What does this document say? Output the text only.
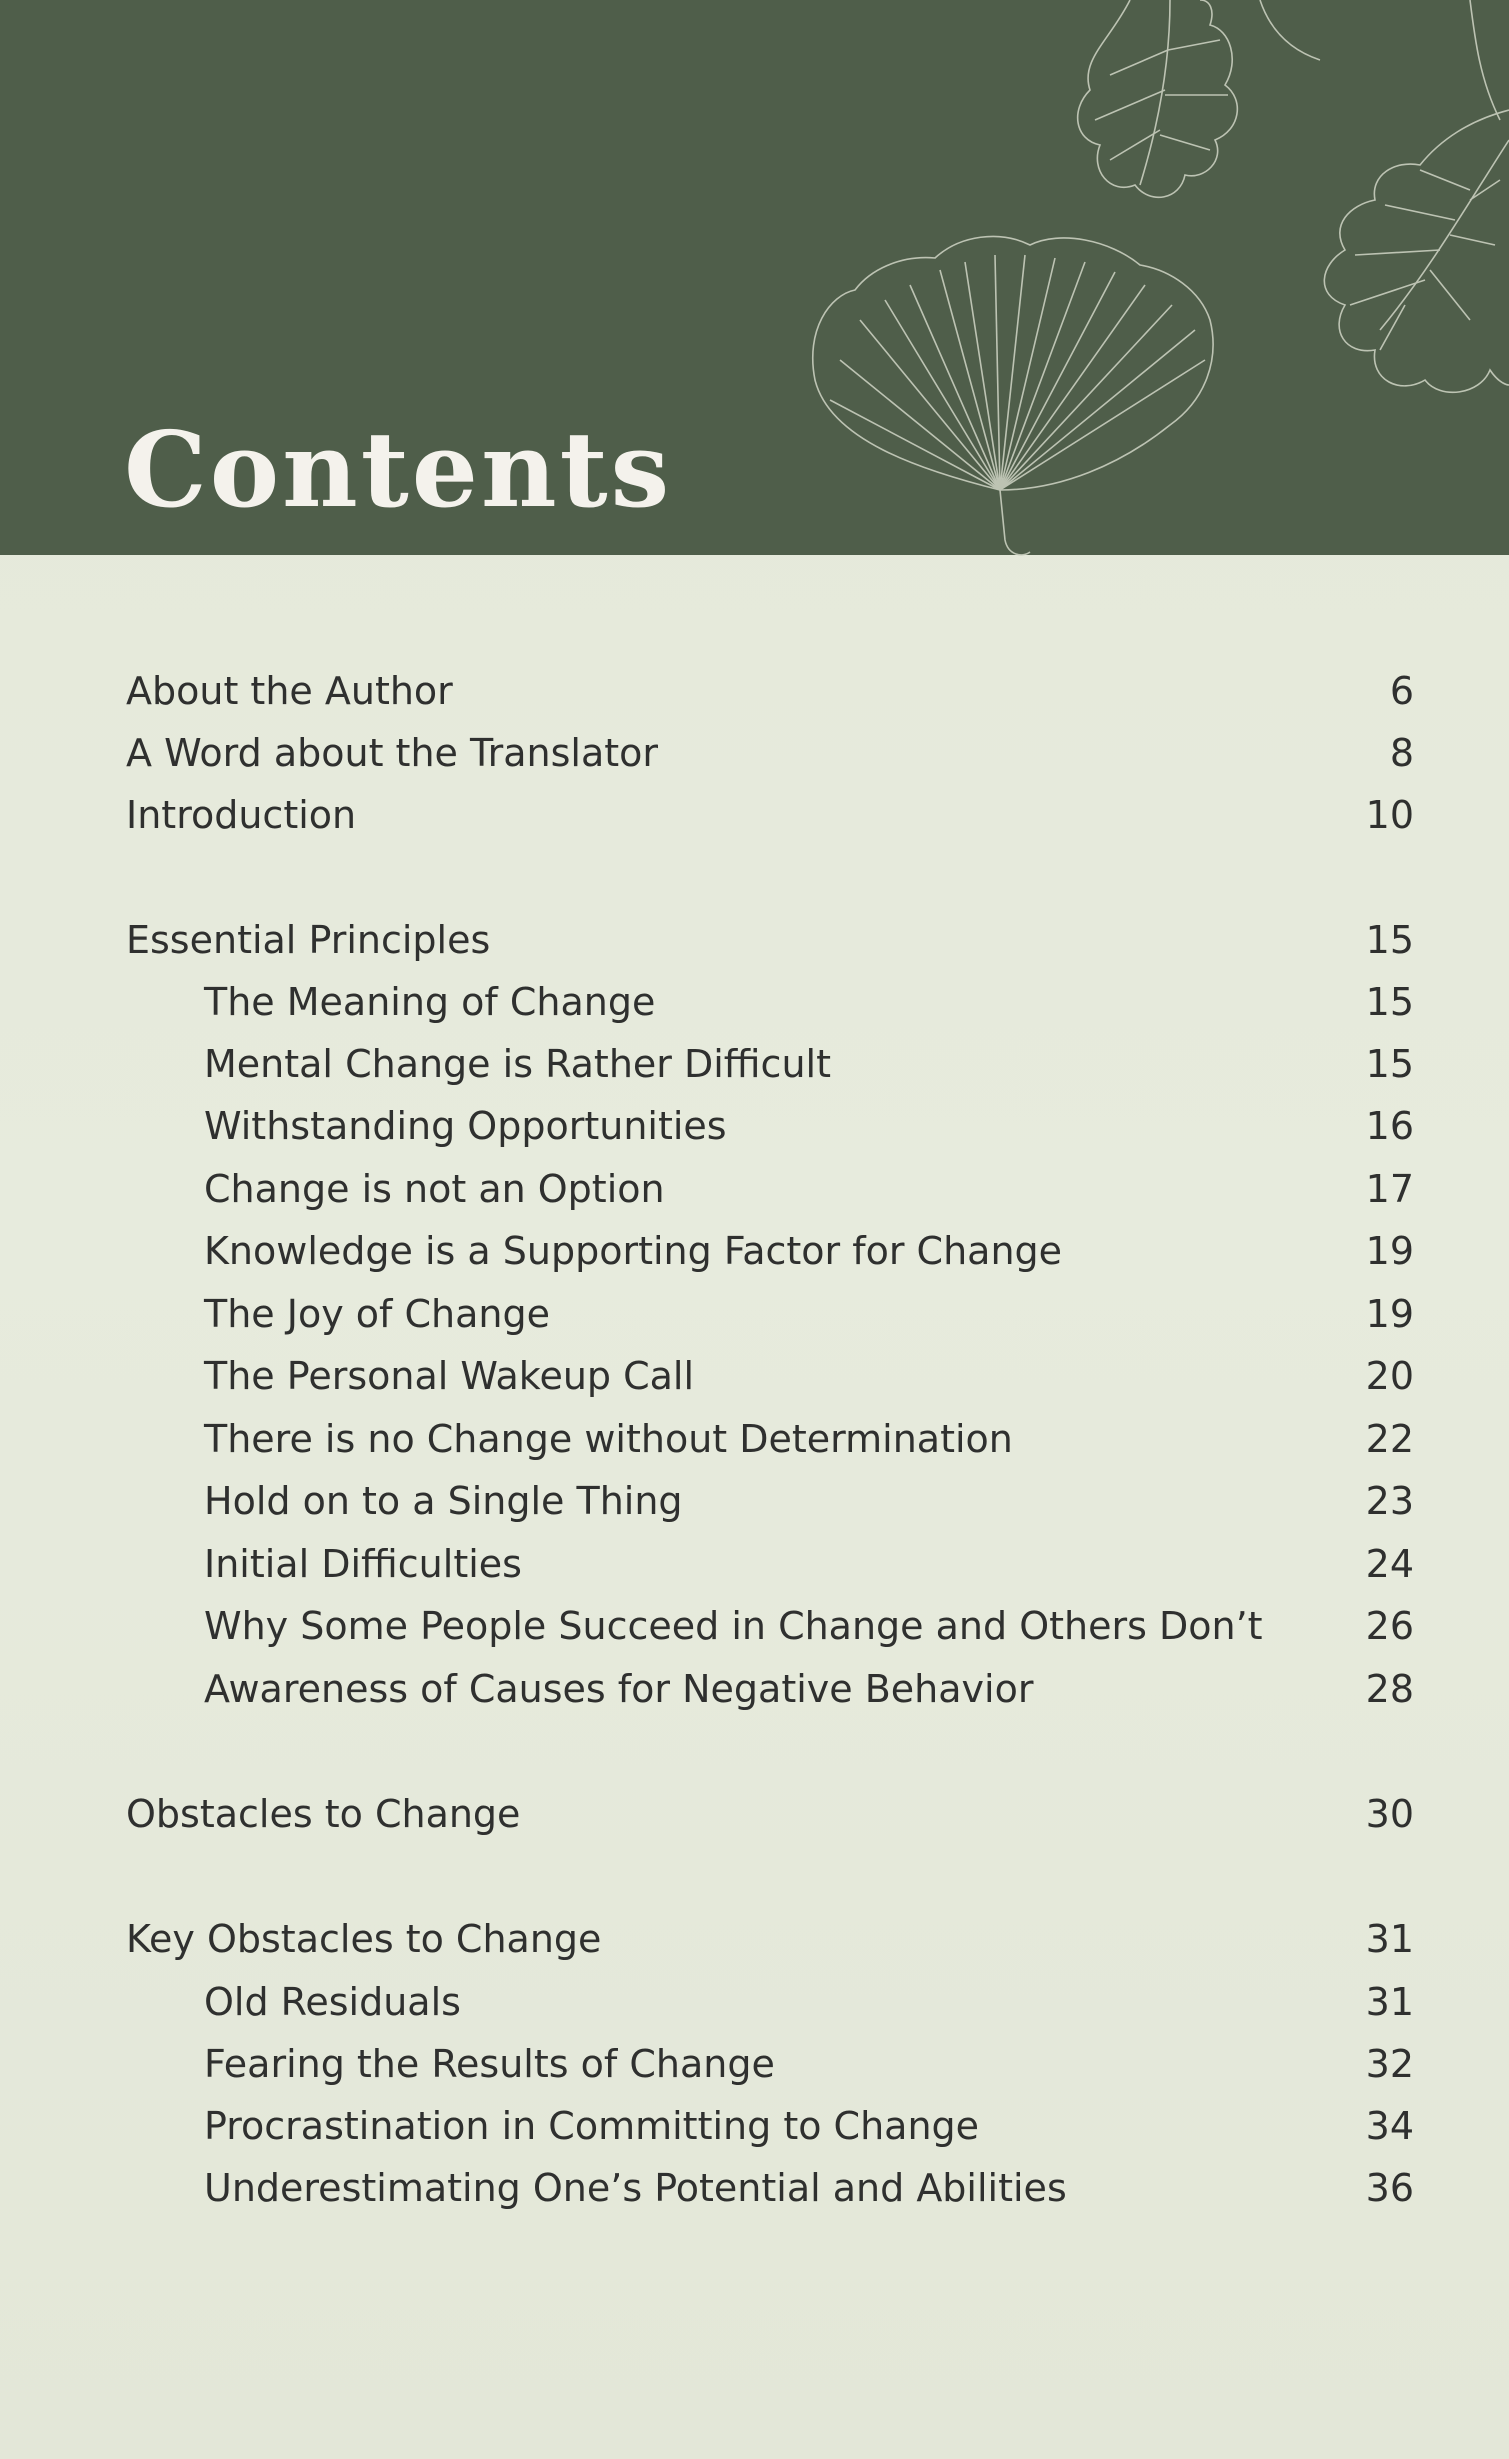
Contents
About the Author	6
A Word about the Translator	8
Introduction	10
Essential Principles	15
The Meaning of Change	15
Mental Change is Rather Difficult	15
Withstanding Opportunities	16
Change is not an Option	17
Knowledge is a Supporting Factor for Change	19
The Joy of Change	19
The Personal Wakeup Call	20
There is no Change without Determination	22
Hold on to a Single Thing	23
Initial Difficulties	24
Why Some People Succeed in Change and Others Don’t	26
Awareness of Causes for Negative Behavior	28
Obstacles to Change	30
Key Obstacles to Change	31
Old Residuals	31
Fearing the Results of Change	32
Procrastination in Committing to Change	34
Underestimating One’s Potential and Abilities	36
